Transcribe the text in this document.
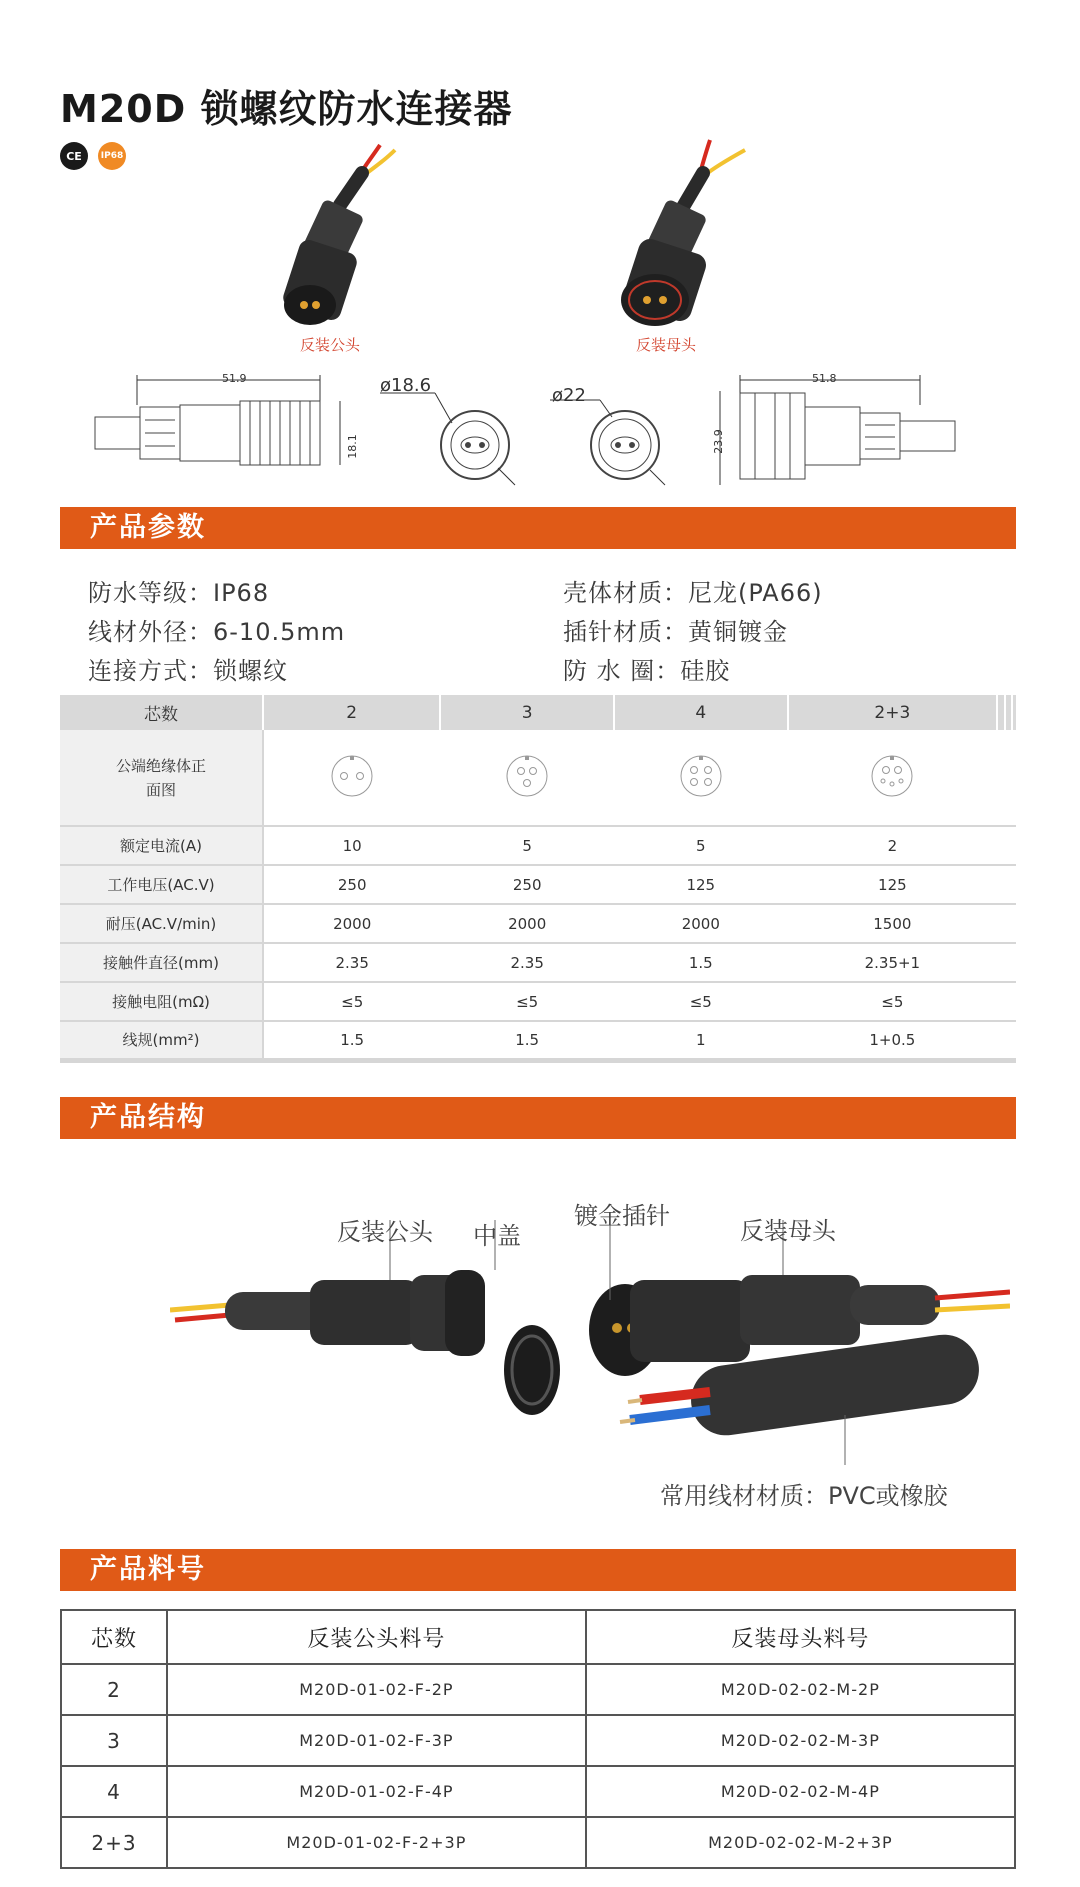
M20D 锁螺纹防水连接器
CE	IP68
反装公头	反装母头
51.9
18.1
ø18.6	ø22
51.8
23.9
产品参数
防水等级：IP68	壳体材质：尼龙(PA66)
线材外径：6-10.5mm	插针材质：黄铜镀金
连接方式：锁螺纹	防 水 圈：硅胶
芯数	2	3	4	2+3			
公端绝缘体正面图							
额定电流(A)	10	5	5	2			
工作电压(AC.V)	250	250	125	125			
耐压(AC.V/min)	2000	2000	2000	1500			
接触件直径(mm)	2.35	2.35	1.5	2.35+1			
接触电阻(mΩ)	≤5	≤5	≤5	≤5			
线规(mm²)	1.5	1.5	1	1+0.5			
产品结构
反装公头 中盖
镀金插针
反装母头
常用线材材质：PVC或橡胶
产品料号
芯数	反装公头料号	反装母头料号
2	M20D-01-02-F-2P	M20D-02-02-M-2P
3	M20D-01-02-F-3P	M20D-02-02-M-3P
4	M20D-01-02-F-4P	M20D-02-02-M-4P
2+3	M20D-01-02-F-2+3P	M20D-02-02-M-2+3P
